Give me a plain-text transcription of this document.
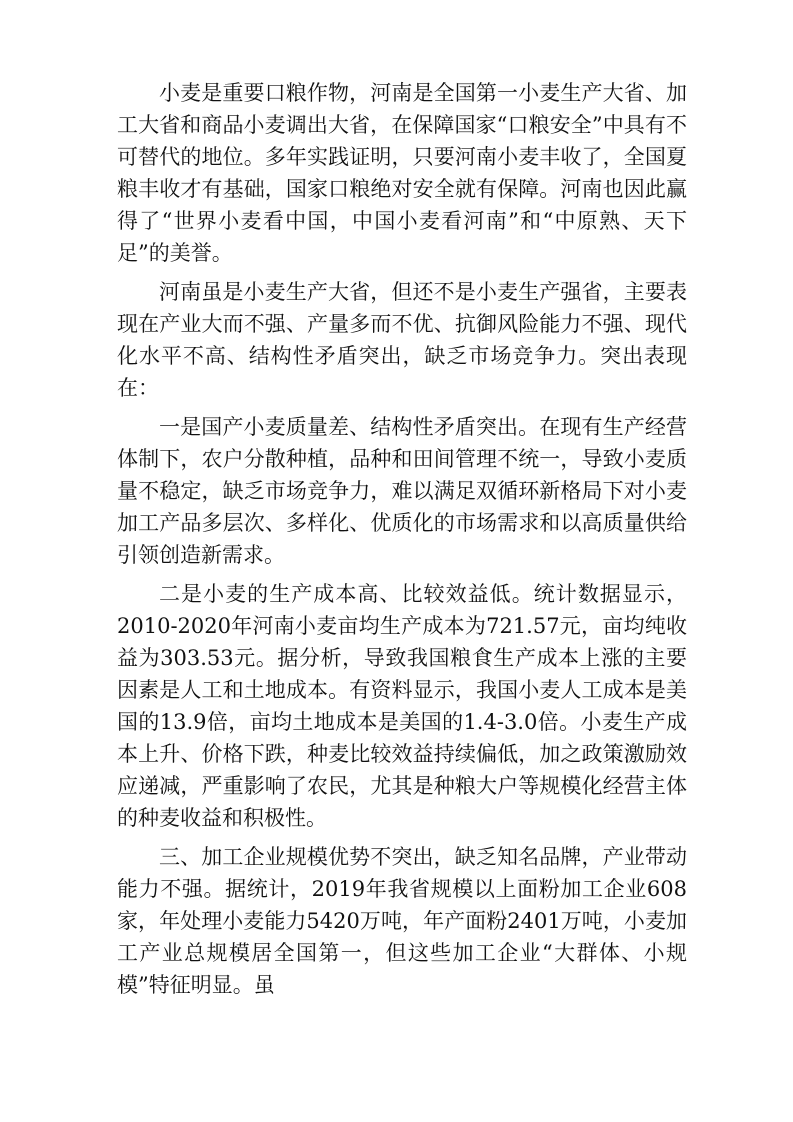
小麦是重要口粮作物，河南是全国第一小麦生产大省、加工大省和商品小麦调出大省，在保障国家“口粮安全”中具有不可替代的地位。多年实践证明，只要河南小麦丰收了，全国夏粮丰收才有基础，国家口粮绝对安全就有保障。河南也因此赢得了“世界小麦看中国，中国小麦看河南”和“中原熟、天下足”的美誉。

河南虽是小麦生产大省，但还不是小麦生产强省，主要表现在产业大而不强、产量多而不优、抗御风险能力不强、现代化水平不高、结构性矛盾突出，缺乏市场竞争力。突出表现在：

一是国产小麦质量差、结构性矛盾突出。在现有生产经营体制下，农户分散种植，品种和田间管理不统一，导致小麦质量不稳定，缺乏市场竞争力，难以满足双循环新格局下对小麦加工产品多层次、多样化、优质化的市场需求和以高质量供给引领创造新需求。

二是小麦的生产成本高、比较效益低。统计数据显示，2010-2020年河南小麦亩均生产成本为721.57元，亩均纯收益为303.53元。据分析，导致我国粮食生产成本上涨的主要因素是人工和土地成本。有资料显示，我国小麦人工成本是美国的13.9倍，亩均土地成本是美国的1.4-3.0倍。小麦生产成本上升、价格下跌，种麦比较效益持续偏低，加之政策激励效应递减，严重影响了农民，尤其是种粮大户等规模化经营主体的种麦收益和积极性。

三、加工企业规模优势不突出，缺乏知名品牌，产业带动能力不强。据统计，2019年我省规模以上面粉加工企业608家，年处理小麦能力5420万吨，年产面粉2401万吨，小麦加工产业总规模居全国第一，但这些加工企业“大群体、小规模”特征明显。虽
